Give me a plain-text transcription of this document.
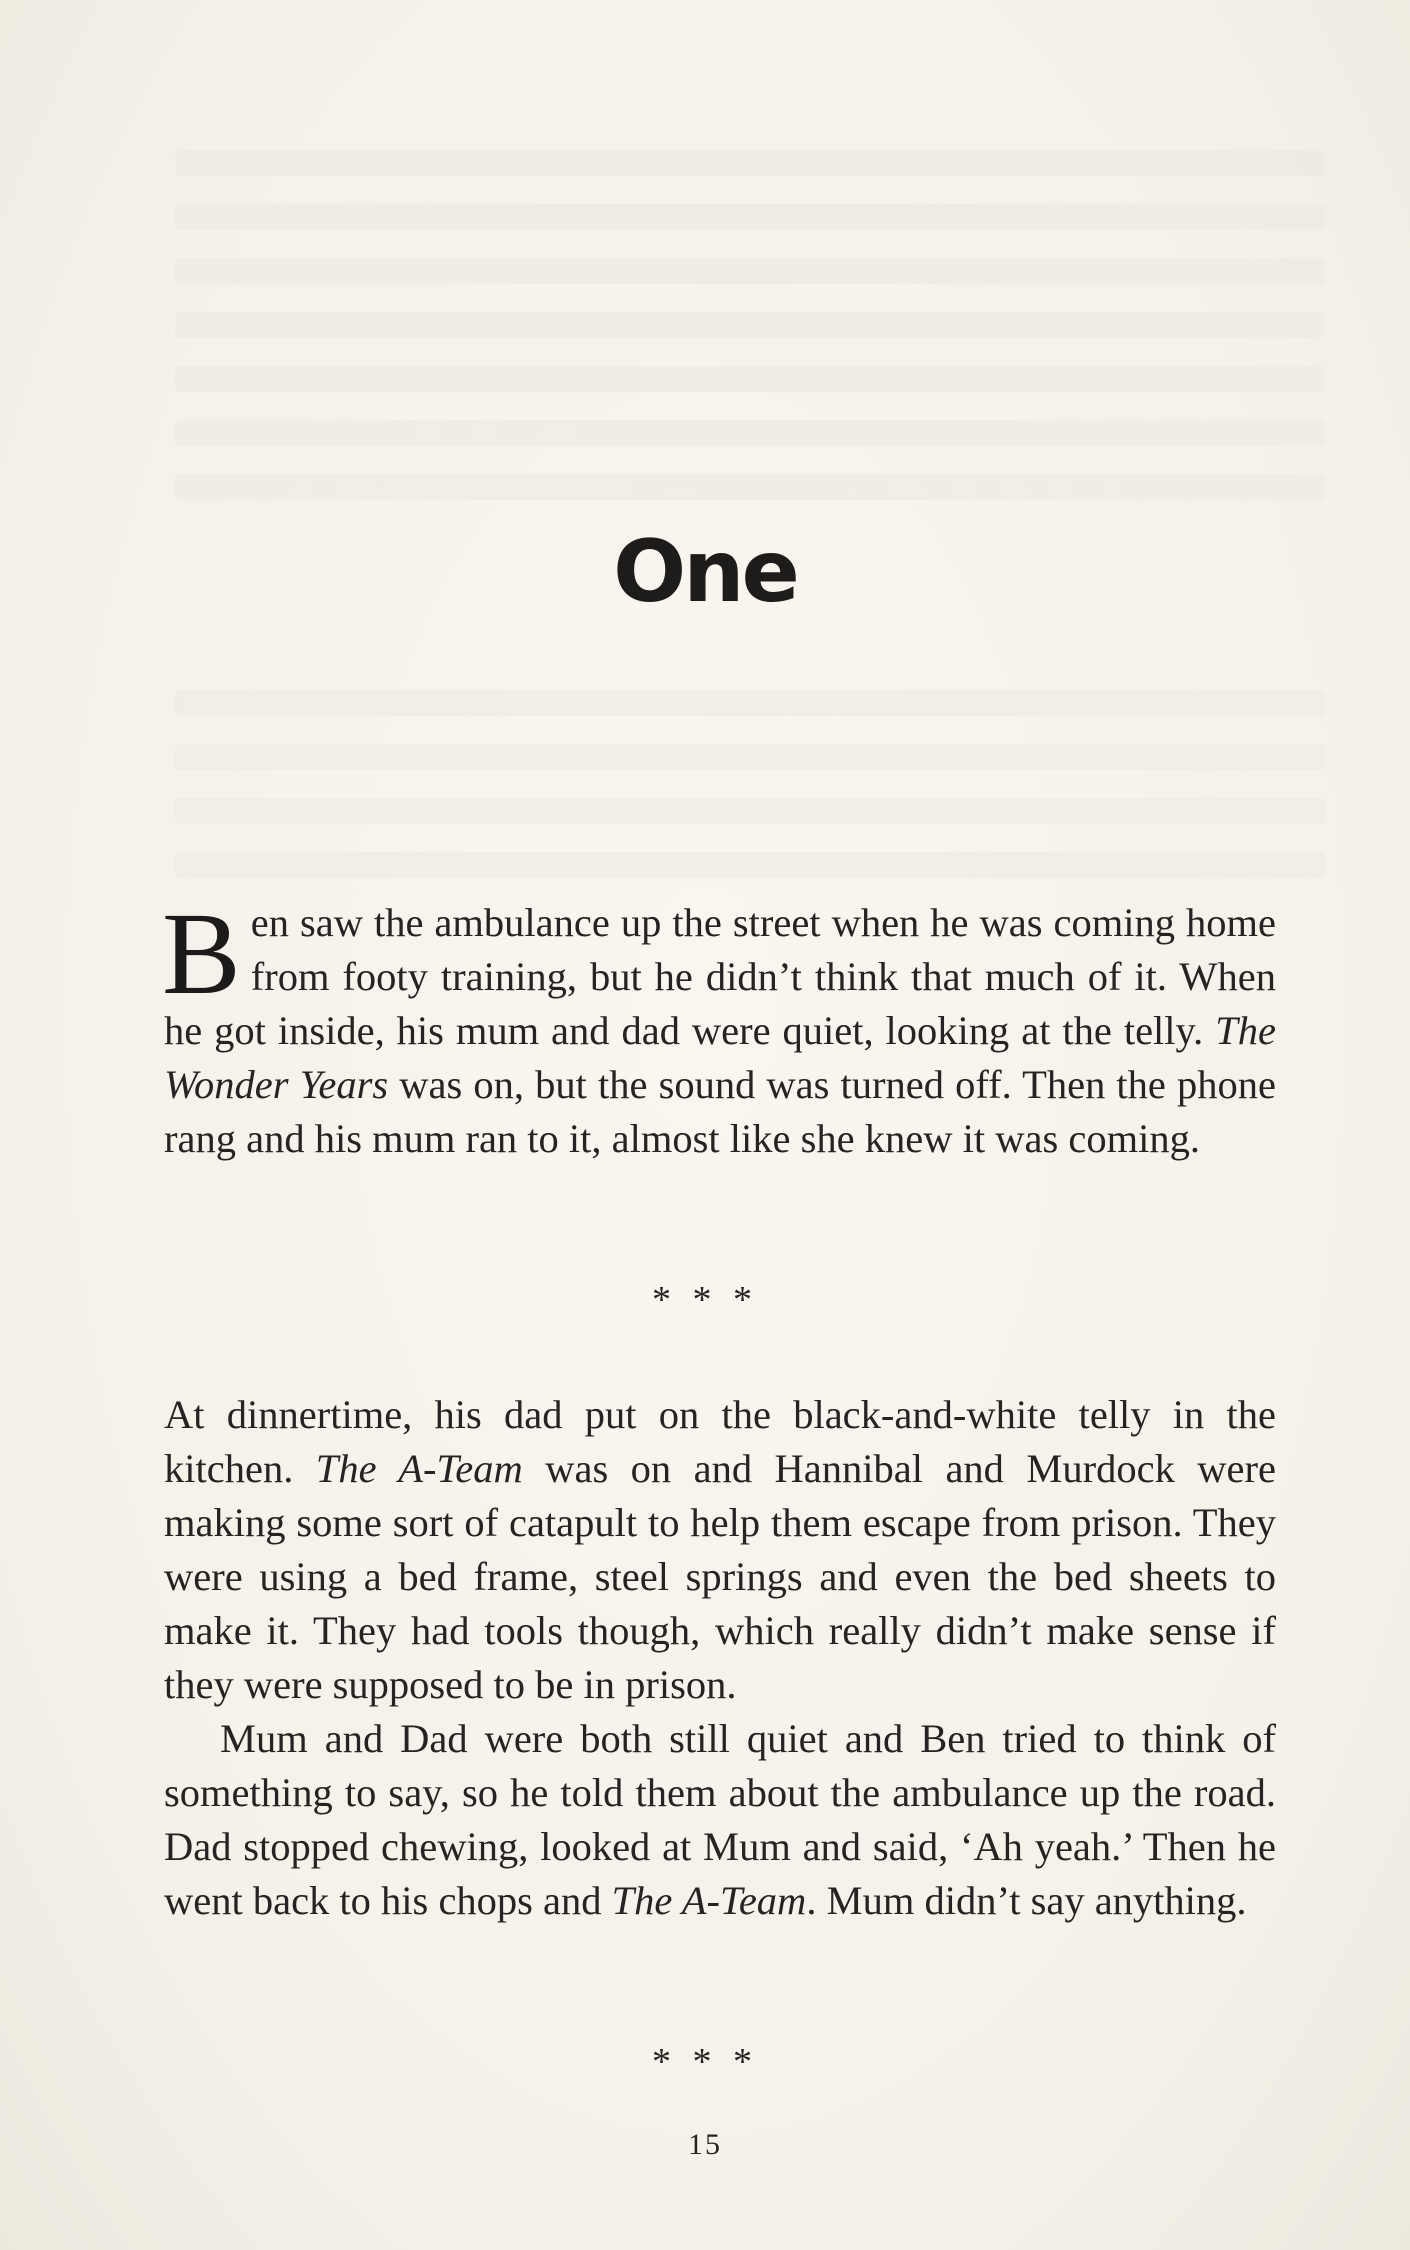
One

Ben saw the ambulance up the street when he was coming home from footy training, but he didn’t think that much of it. When he got inside, his mum and dad were quiet, looking at the telly. The Wonder Years was on, but the sound was turned off. Then the phone rang and his mum ran to it, almost like she knew it was coming.

* * *

At dinnertime, his dad put on the black-and-white telly in the kitchen. The A-Team was on and Hannibal and Murdock were making some sort of catapult to help them escape from prison. They were using a bed frame, steel springs and even the bed sheets to make it. They had tools though, which really didn’t make sense if they were supposed to be in prison.

Mum and Dad were both still quiet and Ben tried to think of something to say, so he told them about the ambulance up the road. Dad stopped chewing, looked at Mum and said, ‘Ah yeah.’ Then he went back to his chops and The A-Team. Mum didn’t say anything.

* * *

15
